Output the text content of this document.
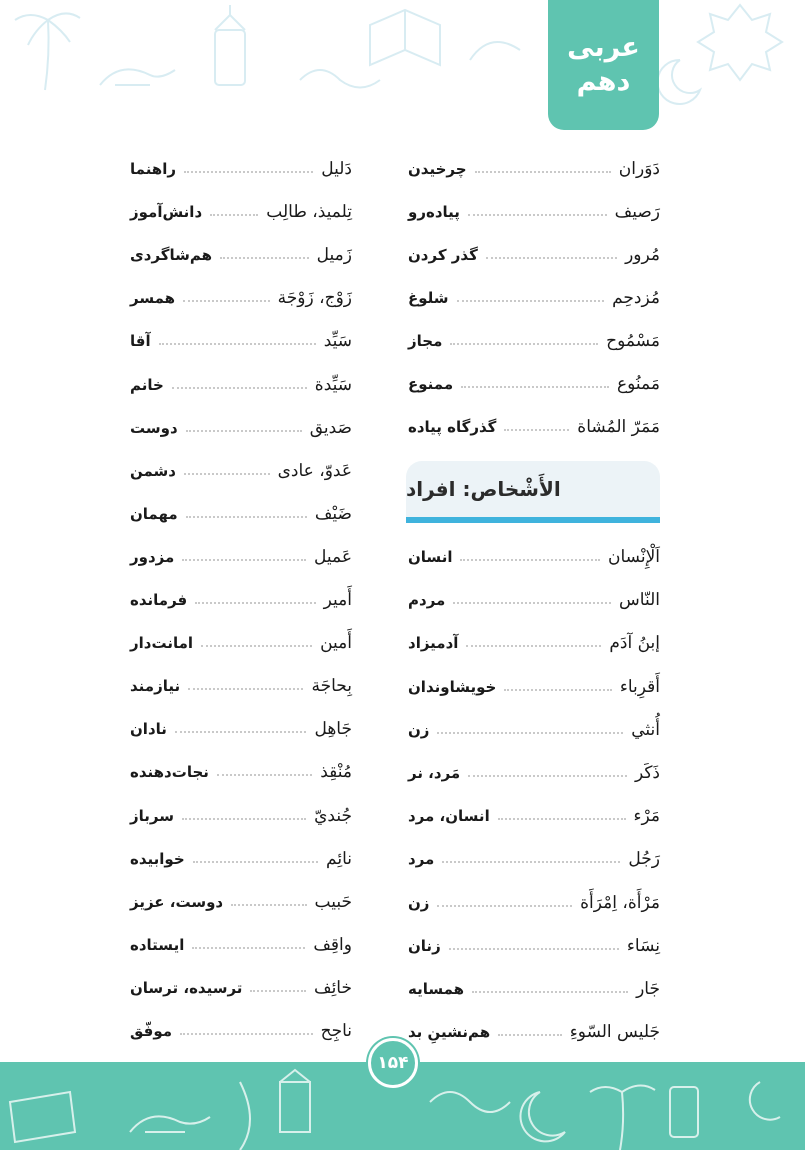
عربی
دهم
دَوَران
چرخیدن
رَصیف
پیاده‌رو
مُرور
گذر کردن
مُزدحِم
شلوغ
مَسْمُوح
مجاز
مَمنُوع
ممنوع
مَمَرّ المُشاة
گذرگاه پیاده
الأَشْخاص: افراد
اَلْإِنْسان
انسان
النّاس
مردم
إبنُ آدَم
آدمیزاد
أَقرِباء
خویشاوندان
أُنثي
زن
ذَكَر
مَرد، نر
مَرْء
انسان، مرد
رَجُل
مرد
مَرْأَة، اِمْرَأَة
زن
نِسَاء
زنان
جَار
همسایه
جَليس السّوءِ
هم‌نشینِ بد
دَليل
راهنما
تِلميذ، طالِب
دانش‌آموز
زَميل
هم‌شاگردی
زَوْج، زَوْجَة
همسر
سَيِّد
آقا
سَيِّدة
خانم
صَديق
دوست
عَدوّ، عادی
دشمن
ضَيْف
مهمان
عَميل
مزدور
أَمير
فرمانده
أَمين
امانت‌دار
بِحاجَة
نیازمند
جَاهِل
نادان
مُنْقِذ
نجات‌دهنده
جُنديّ
سرباز
نائِم
خوابیده
حَبيب
دوست، عزیز
واقِف
ایستاده
خائِف
ترسیده، ترسان
ناجِح
موفّق
۱۵۴
